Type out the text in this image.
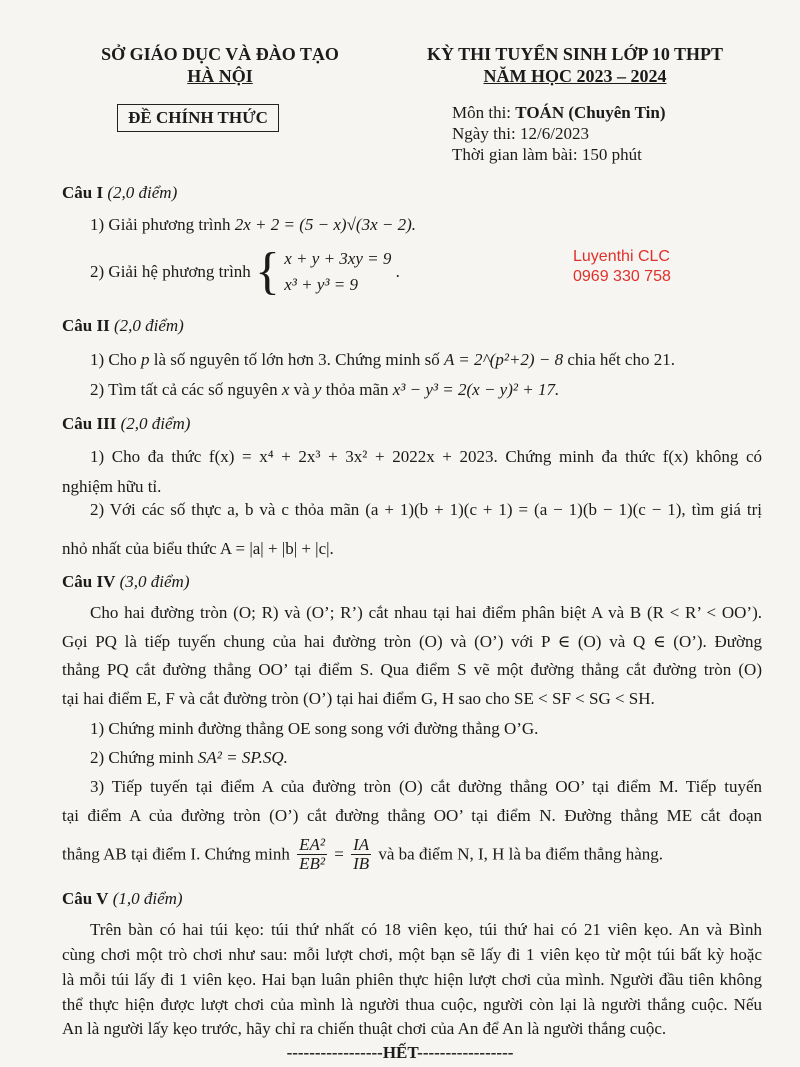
SỞ GIÁO DỤC VÀ ĐÀO TẠO
HÀ NỘI
ĐỀ CHÍNH THỨC
KỲ THI TUYỂN SINH LỚP 10 THPT
NĂM HỌC 2023 – 2024
Môn thi: TOÁN (Chuyên Tin)
Ngày thi: 12/6/2023
Thời gian làm bài: 150 phút
Luyenthi CLC
0969 330 758
Câu I (2,0 điểm)
1) Giải phương trình 2x + 2 = (5 − x)√(3x − 2).
2) Giải hệ phương trình { x + y + 3xy = 9
x³ + y³ = 9
.
Câu II (2,0 điểm)
1) Cho p là số nguyên tố lớn hơn 3. Chứng minh số A = 2^(p²+2) − 8 chia hết cho 21.
2) Tìm tất cả các số nguyên x và y thỏa mãn x³ − y³ = 2(x − y)² + 17.
Câu III (2,0 điểm)
1) Cho đa thức f(x) = x⁴ + 2x³ + 3x² + 2022x + 2023. Chứng minh đa thức f(x) không có
nghiệm hữu tỉ.
2) Với các số thực a, b và c thỏa mãn (a + 1)(b + 1)(c + 1) = (a − 1)(b − 1)(c − 1), tìm giá trị
nhỏ nhất của biểu thức A = |a| + |b| + |c|.
Câu IV (3,0 điểm)
Cho hai đường tròn (O; R) và (O’; R’) cắt nhau tại hai điểm phân biệt A và B (R < R’ < OO’).
Gọi PQ là tiếp tuyến chung của hai đường tròn (O) và (O’) với P ∈ (O) và Q ∈ (O’). Đường
thẳng PQ cắt đường thẳng OO’ tại điểm S. Qua điểm S vẽ một đường thẳng cắt đường tròn (O)
tại hai điểm E, F và cắt đường tròn (O’) tại hai điểm G, H sao cho SE < SF < SG < SH.
1) Chứng minh đường thẳng OE song song với đường thẳng O’G.
2) Chứng minh SA² = SP.SQ.
3) Tiếp tuyến tại điểm A của đường tròn (O) cắt đường thẳng OO’ tại điểm M. Tiếp tuyến
tại điểm A của đường tròn (O’) cắt đường thẳng OO’ tại điểm N. Đường thẳng ME cắt đoạn
thẳng AB tại điểm I. Chứng minh $\frac{\text{EA²}}{\text{EB²}} = \frac{IA}{IB}$ và ba điểm N, I, H là ba điểm thẳng hàng.
Câu V (1,0 điểm)
Trên bàn có hai túi kẹo: túi thứ nhất có 18 viên kẹo, túi thứ hai có 21 viên kẹo. An và Bình
cùng chơi một trò chơi như sau: mỗi lượt chơi, một bạn sẽ lấy đi 1 viên kẹo từ một túi bất kỳ hoặc
là mỗi túi lấy đi 1 viên kẹo. Hai bạn luân phiên thực hiện lượt chơi của mình. Người đầu tiên không
thể thực hiện được lượt chơi của mình là người thua cuộc, người còn lại là người thắng cuộc. Nếu
An là người lấy kẹo trước, hãy chỉ ra chiến thuật chơi của An để An là người thắng cuộc.
-----------------HẾT-----------------
